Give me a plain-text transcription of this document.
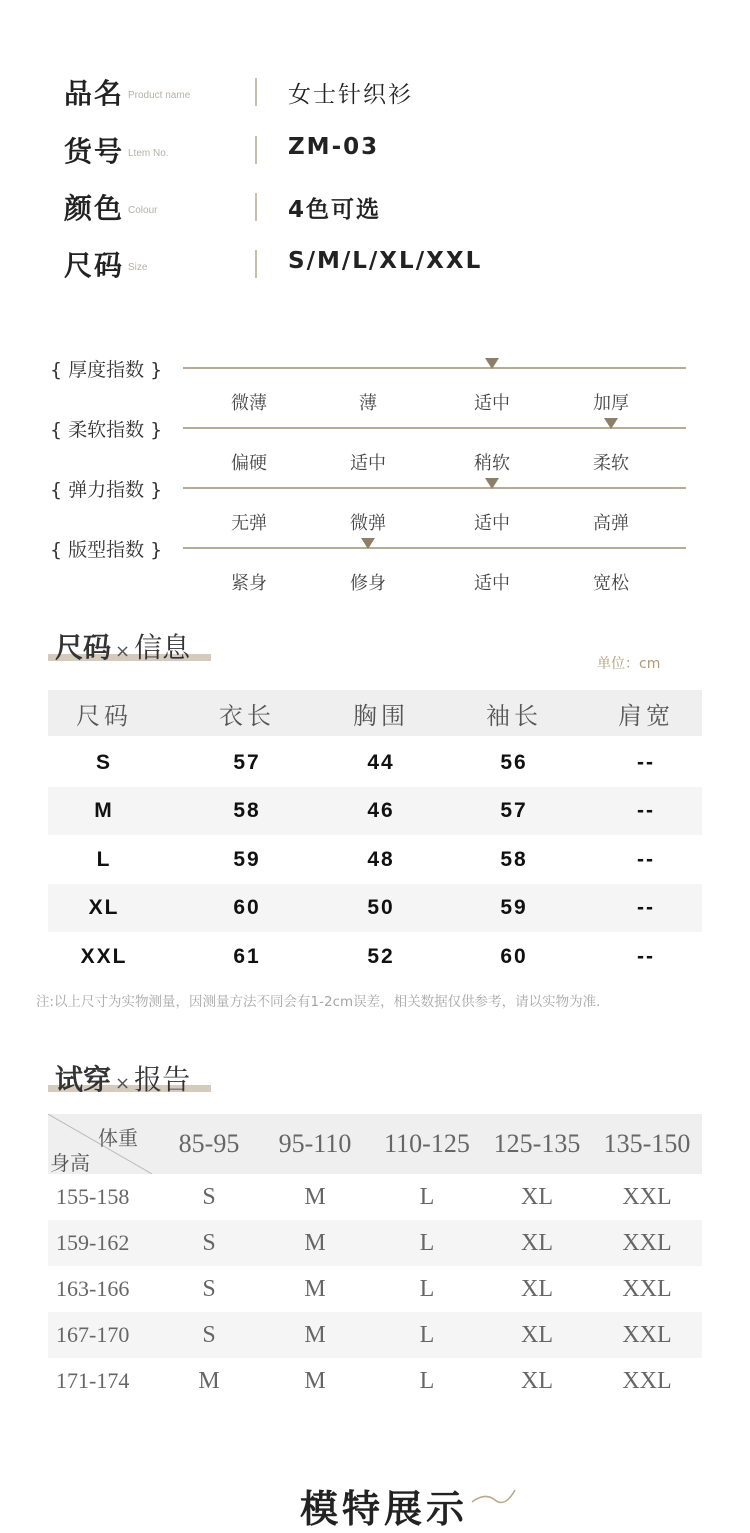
品名 Product name	女士针织衫
货号 Ltem No.	ZM-03
颜色 Colour	4色可选
尺码 Size	S/M/L/XL/XXL
{ 厚度指数 }
微薄	薄	适中	加厚
{ 柔软指数 }
偏硬	适中	稍软	柔软
{ 弹力指数 }
无弹	微弹	适中	高弹
{ 版型指数 }
紧身	修身	适中	宽松
尺码 × 信息	单位：cm
尺码	衣长	胸围	袖长	肩宽
S	57	44	56	--
M	58	46	57	--
L	59	48	58	--
XL	60	50	59	--
XXL	61	52	60	--
注:以上尺寸为实物测量，因测量方法不同会有1-2cm误差，相关数据仅供参考，请以实物为准.
试穿 × 报告
体重
身高
85-95	95-110	110-125 125-135 135-150
155-158	S	M	L	XL	XXL
159-162	S	M	L	XL	XXL
163-166	S	M	L	XL	XXL
167-170	S	M	L	XL	XXL
171-174	M	M	L	XL	XXL
模特展示
